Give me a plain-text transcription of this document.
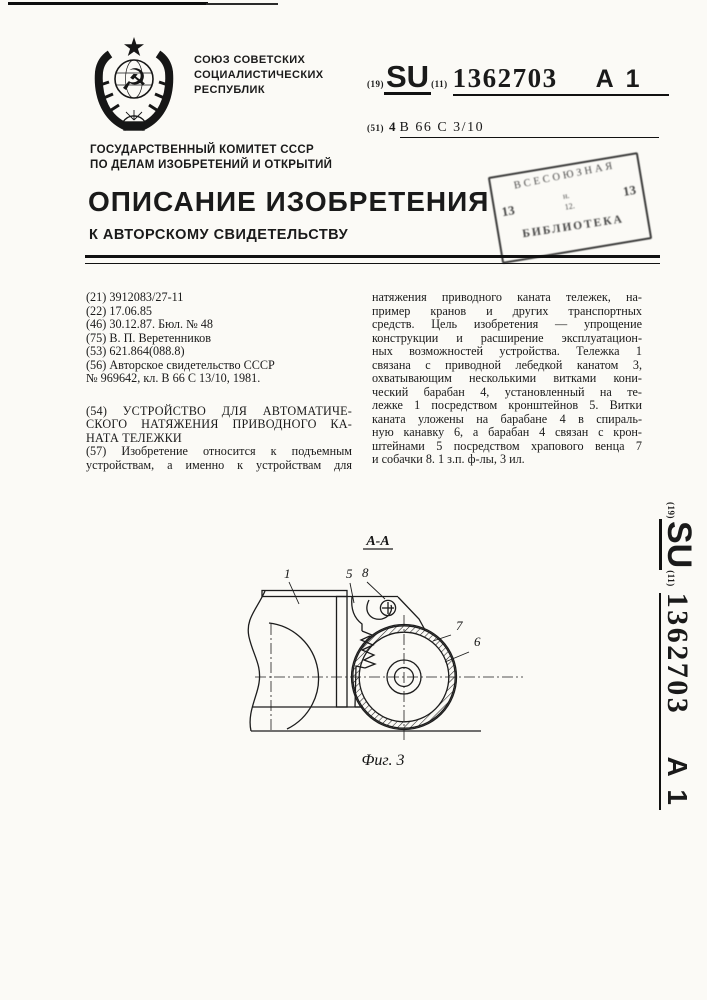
☭
СОЮЗ СОВЕТСКИХ
СОЦИАЛИСТИЧЕСКИХ
РЕСПУБЛИК	(19) SU (11) 1362703 A 1
(51) 4 В 66 С 3/10
ГОСУДАРСТВЕННЫЙ КОМИТЕТ СССР
ПО ДЕЛАМ ИЗОБРЕТЕНИЙ И ОТКРЫТИЙ	ВСЕСОЮЗНАЯ
13
н.
12.
13
БИБЛИОТЕКА
ОПИСАНИЕ ИЗОБРЕТЕНИЯ
К АВТОРСКОМУ СВИДЕТЕЛЬСТВУ
(21) 3912083/27-11
(22) 17.06.85
(46) 30.12.87. Бюл. № 48
(75) В. П. Веретенников
(53) 621.864(088.8)
(56) Авторское свидетельство СССР
№ 969642, кл. В 66 С 13/10, 1981.
(54) УСТРОЙСТВО ДЛЯ АВТОМАТИЧЕ-
СКОГО НАТЯЖЕНИЯ ПРИВОДНОГО КА-
НАТА ТЕЛЕЖКИ
(57) Изобретение относится к подъемным
устройствам, а именно к устройствам для
натяжения приводного каната тележек, на-
пример кранов и других транспортных
средств. Цель изобретения — упрощение
конструкции и расширение эксплуатацион-
ных возможностей устройства. Тележка 1
связана с приводной лебедкой канатом 3,
охватывающим несколькими витками кони-
ческий барабан 4, установленный на те-
лежке 1 посредством кронштейнов 5. Витки
каната уложены на барабане 4 в спираль-
ную канавку 6, а барабан 4 связан с крон-
штейнами 5 посредством храпового венца 7
и собачки 8. 1 з.п. ф-лы, 3 ил.
А-А
1	5 8
7
6
Фиг. 3
(19)
SU
(11)
1362703
A 1
